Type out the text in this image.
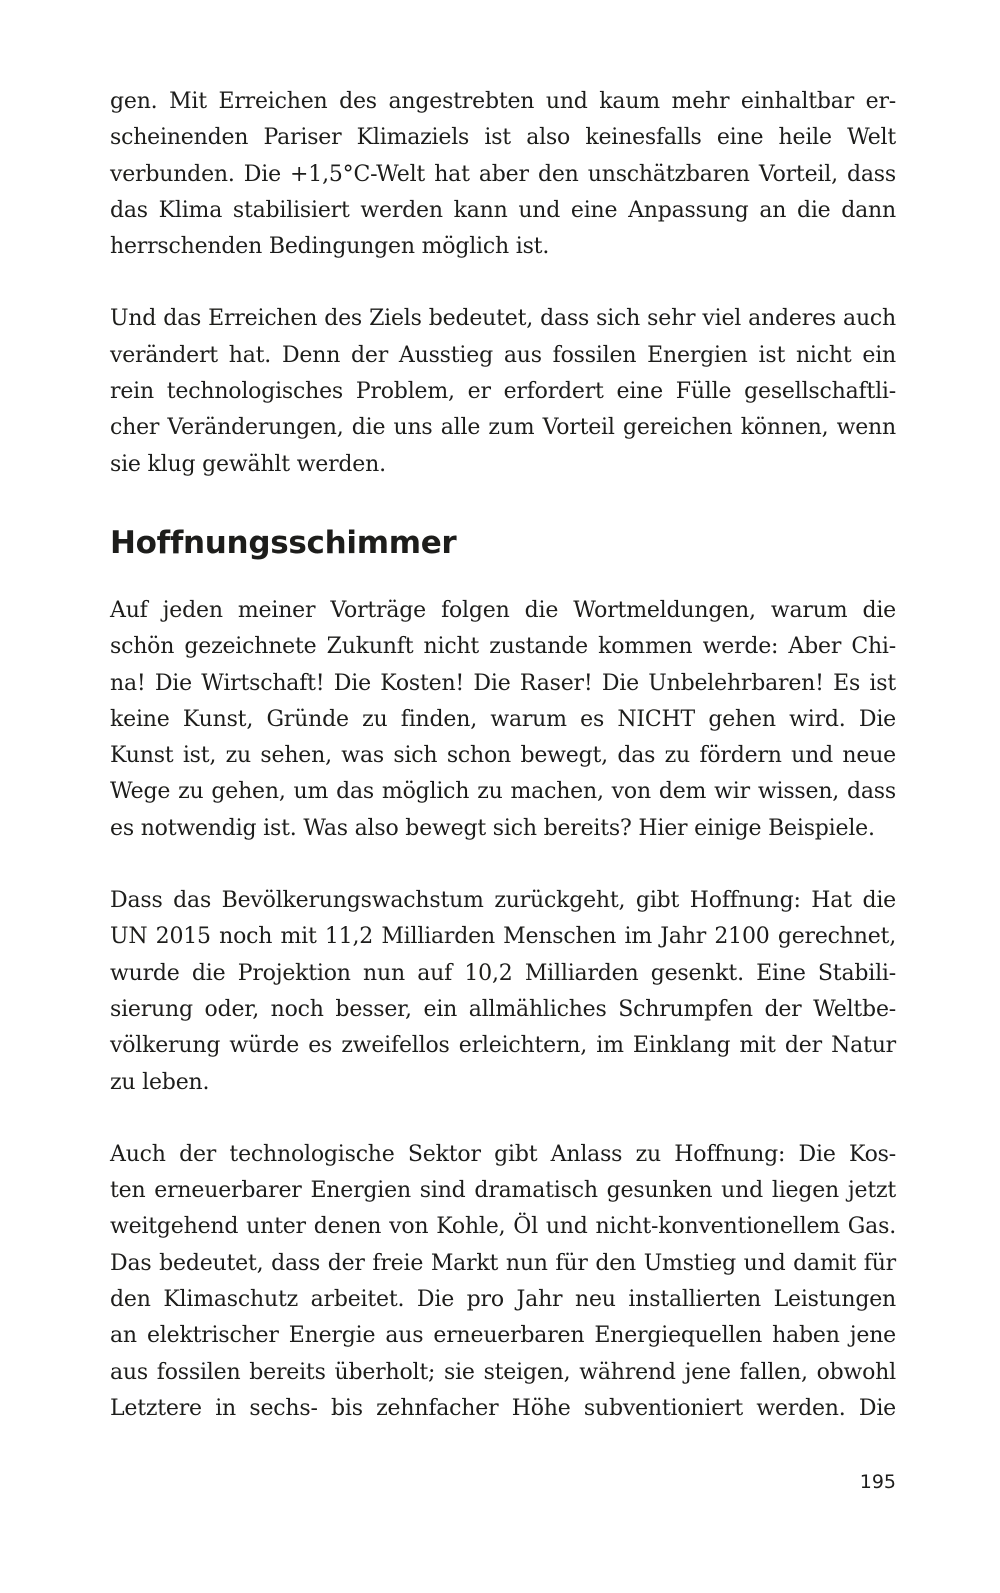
gen. Mit Erreichen des angestrebten und kaum mehr einhaltbar er-
scheinenden Pariser Klimaziels ist also keinesfalls eine heile Welt
verbunden. Die +1,5°C-Welt hat aber den unschätzbaren Vorteil, dass
das Klima stabilisiert werden kann und eine Anpassung an die dann
herrschenden Bedingungen möglich ist.
Und das Erreichen des Ziels bedeutet, dass sich sehr viel anderes auch
verändert hat. Denn der Ausstieg aus fossilen Energien ist nicht ein
rein technologisches Problem, er erfordert eine Fülle gesellschaftli-
cher Veränderungen, die uns alle zum Vorteil gereichen können, wenn
sie klug gewählt werden.
Hoffnungsschimmer
Auf jeden meiner Vorträge folgen die Wortmeldungen, warum die
schön gezeichnete Zukunft nicht zustande kommen werde: Aber Chi-
na! Die Wirtschaft! Die Kosten! Die Raser! Die Unbelehrbaren! Es ist
keine Kunst, Gründe zu finden, warum es NICHT gehen wird. Die
Kunst ist, zu sehen, was sich schon bewegt, das zu fördern und neue
Wege zu gehen, um das möglich zu machen, von dem wir wissen, dass
es notwendig ist. Was also bewegt sich bereits? Hier einige Beispiele.
Dass das Bevölkerungswachstum zurückgeht, gibt Hoffnung: Hat die
UN 2015 noch mit 11,2 Milliarden Menschen im Jahr 2100 gerechnet,
wurde die Projektion nun auf 10,2 Milliarden gesenkt. Eine Stabili-
sierung oder, noch besser, ein allmähliches Schrumpfen der Weltbe-
völkerung würde es zweifellos erleichtern, im Einklang mit der Natur
zu leben.
Auch der technologische Sektor gibt Anlass zu Hoffnung: Die Kos-
ten erneuerbarer Energien sind dramatisch gesunken und liegen jetzt
weitgehend unter denen von Kohle, Öl und nicht-konventionellem Gas.
Das bedeutet, dass der freie Markt nun für den Umstieg und damit für
den Klimaschutz arbeitet. Die pro Jahr neu installierten Leistungen
an elektrischer Energie aus erneuerbaren Energiequellen haben jene
aus fossilen bereits überholt; sie steigen, während jene fallen, obwohl
Letztere in sechs- bis zehnfacher Höhe subventioniert werden. Die
195
